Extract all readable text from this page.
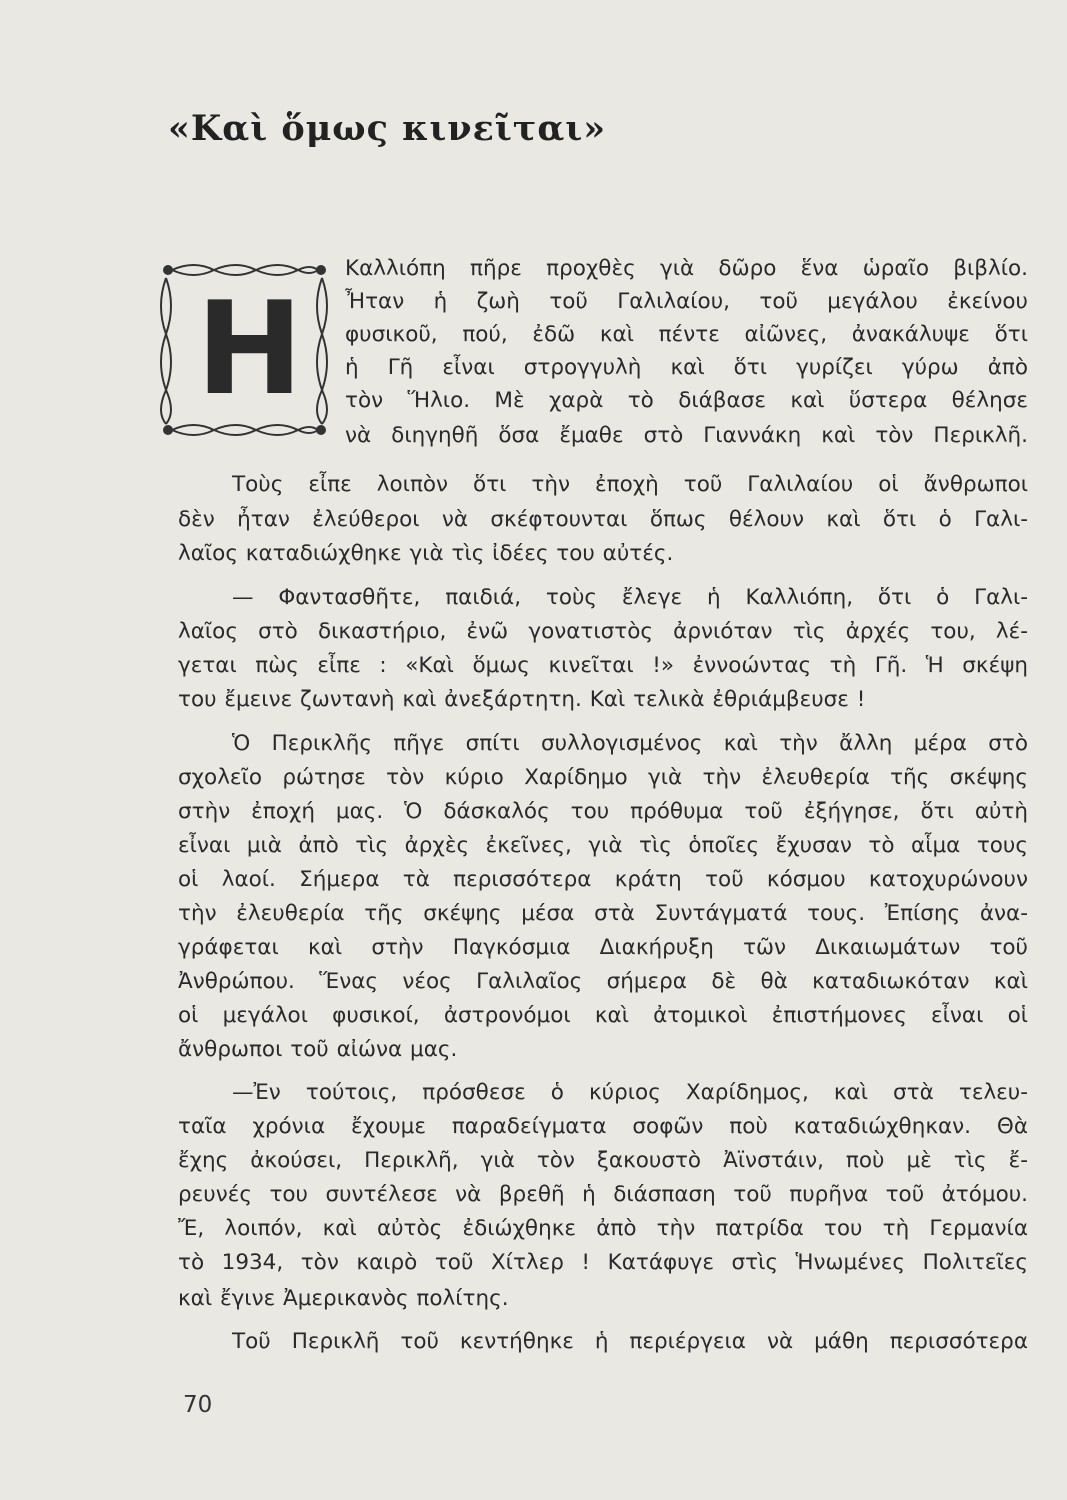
«Καὶ ὅμως κινεῖται»
Η
Καλλιόπη πῆρε προχθὲς γιὰ δῶρο ἕνα ὡραῖο βιβλίο.
Ἦταν ἡ ζωὴ τοῦ Γαλιλαίου, τοῦ μεγάλου ἐκείνου
φυσικοῦ, πού, ἐδῶ καὶ πέντε αἰῶνες, ἀνακάλυψε ὅτι
ἡ Γῆ εἶναι στρογγυλὴ καὶ ὅτι γυρίζει γύρω ἀπὸ
τὸν Ἥλιο. Μὲ χαρὰ τὸ διάβασε καὶ ὕστερα θέλησε
νὰ διηγηθῆ ὅσα ἔμαθε στὸ Γιαννάκη καὶ τὸν Περικλῆ.
Τοὺς εἶπε λοιπὸν ὅτι τὴν ἐποχὴ τοῦ Γαλιλαίου οἱ ἄνθρωποι
δὲν ἦταν ἐλεύθεροι νὰ σκέφτουνται ὅπως θέλουν καὶ ὅτι ὁ Γαλι-
λαῖος καταδιώχθηκε γιὰ τὶς ἰδέες του αὐτές.
— Φαντασθῆτε, παιδιά, τοὺς ἔλεγε ἡ Καλλιόπη, ὅτι ὁ Γαλι-
λαῖος στὸ δικαστήριο, ἐνῶ γονατιστὸς ἀρνιόταν τὶς ἀρχές του, λέ-
γεται πὼς εἶπε : «Καὶ ὅμως κινεῖται !» ἐννοώντας τὴ Γῆ. Ἡ σκέψη
του ἔμεινε ζωντανὴ καὶ ἀνεξάρτητη. Καὶ τελικὰ ἐθριάμβευσε !
Ὁ Περικλῆς πῆγε σπίτι συλλογισμένος καὶ τὴν ἄλλη μέρα στὸ
σχολεῖο ρώτησε τὸν κύριο Χαρίδημο γιὰ τὴν ἐλευθερία τῆς σκέψης
στὴν ἐποχή μας. Ὁ δάσκαλός του πρόθυμα τοῦ ἐξήγησε, ὅτι αὐτὴ
εἶναι μιὰ ἀπὸ τὶς ἀρχὲς ἐκεῖνες, γιὰ τὶς ὁποῖες ἔχυσαν τὸ αἷμα τους
οἱ λαοί. Σήμερα τὰ περισσότερα κράτη τοῦ κόσμου κατοχυρώνουν
τὴν ἐλευθερία τῆς σκέψης μέσα στὰ Συντάγματά τους. Ἐπίσης ἀνα-
γράφεται καὶ στὴν Παγκόσμια Διακήρυξη τῶν Δικαιωμάτων τοῦ
Ἀνθρώπου. Ἕνας νέος Γαλιλαῖος σήμερα δὲ θὰ καταδιωκόταν καὶ
οἱ μεγάλοι φυσικοί, ἀστρονόμοι καὶ ἀτομικοὶ ἐπιστήμονες εἶναι οἱ
ἄνθρωποι τοῦ αἰώνα μας.
—Ἐν τούτοις, πρόσθεσε ὁ κύριος Χαρίδημος, καὶ στὰ τελευ-
ταῖα χρόνια ἔχουμε παραδείγματα σοφῶν ποὺ καταδιώχθηκαν. Θὰ
ἔχης ἀκούσει, Περικλῆ, γιὰ τὸν ξακουστὸ Ἀϊνστάιν, ποὺ μὲ τὶς ἔ-
ρευνές του συντέλεσε νὰ βρεθῆ ἡ διάσπαση τοῦ πυρῆνα τοῦ ἀτόμου.
Ἔ, λοιπόν, καὶ αὐτὸς ἐδιώχθηκε ἀπὸ τὴν πατρίδα του τὴ Γερμανία
τὸ 1934, τὸν καιρὸ τοῦ Χίτλερ ! Κατάφυγε στὶς Ἡνωμένες Πολιτεῖες
καὶ ἔγινε Ἀμερικανὸς πολίτης.
Τοῦ Περικλῆ τοῦ κεντήθηκε ἡ περιέργεια νὰ μάθη περισσότερα
70
